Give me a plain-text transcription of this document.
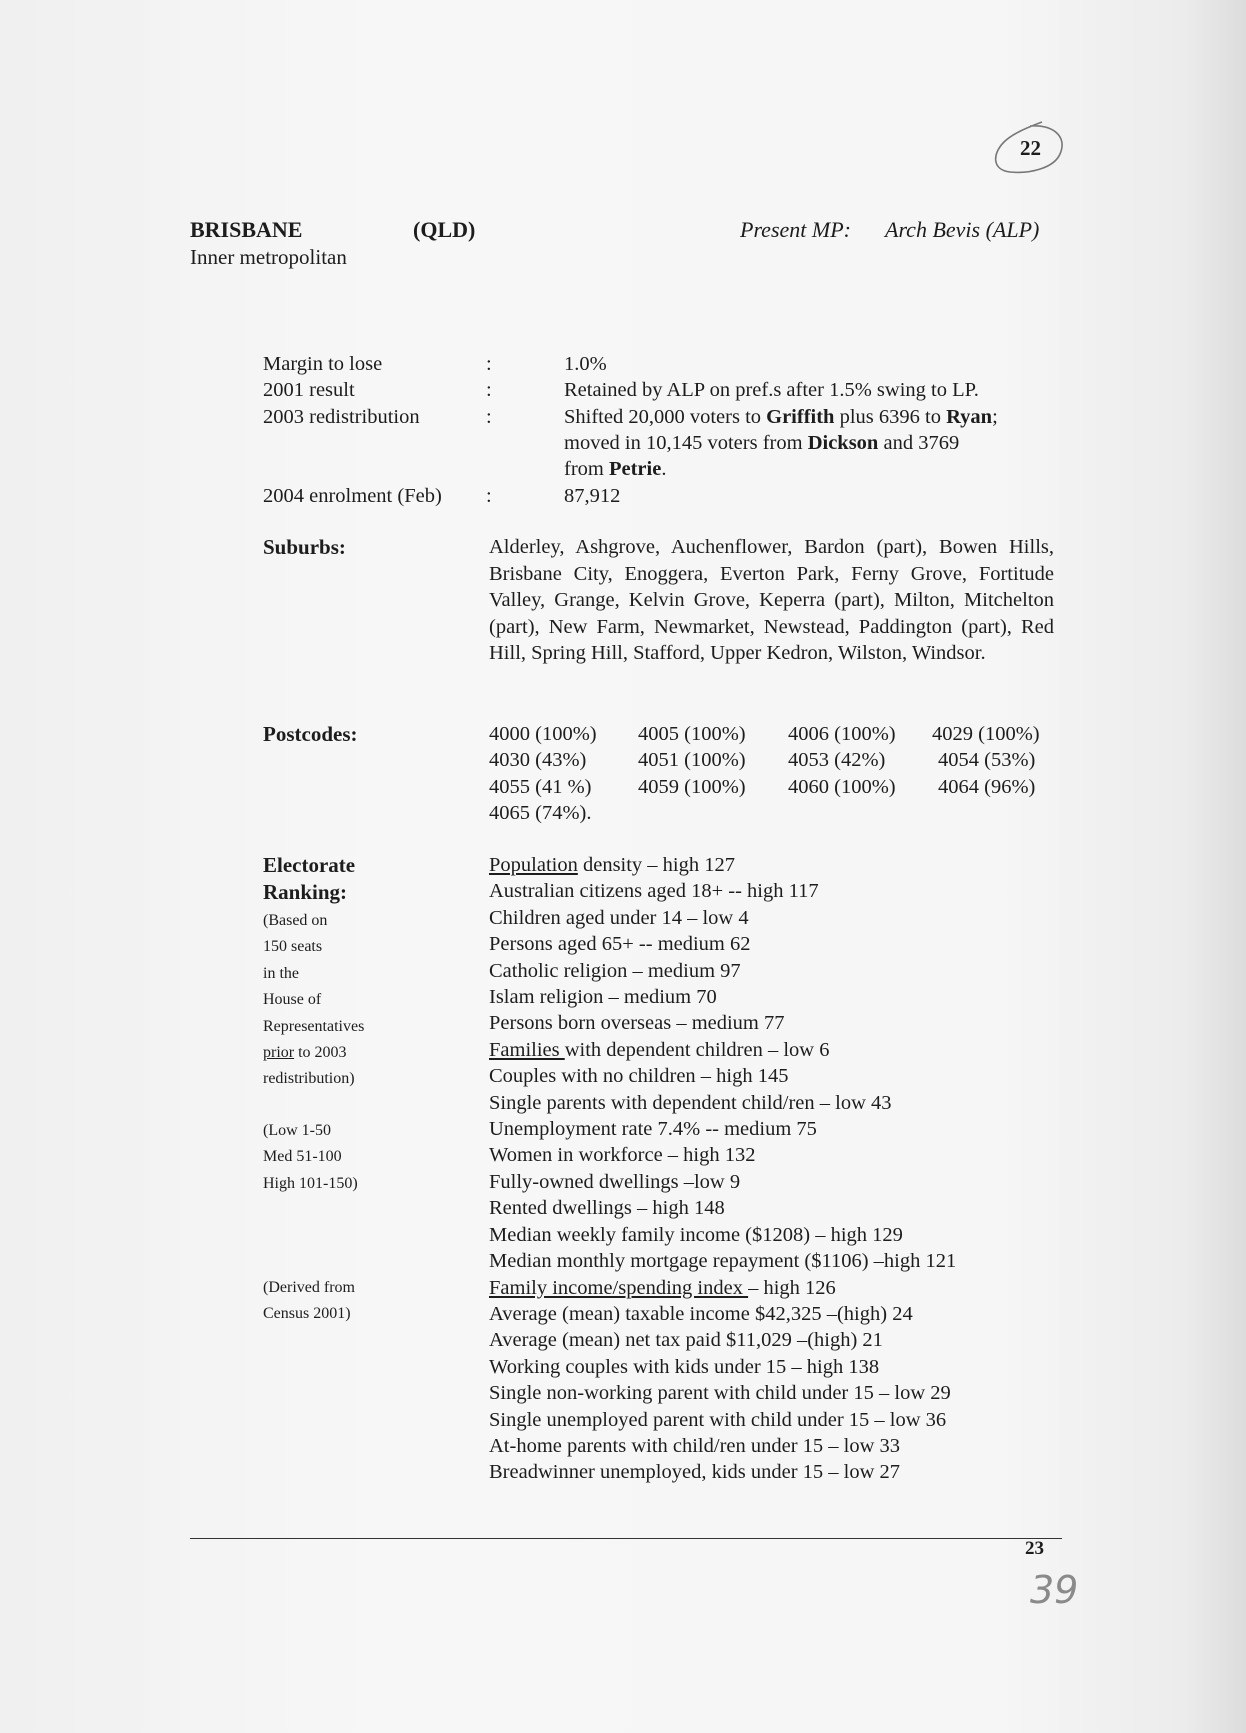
22
BRISBANE	(QLD)
Inner metropolitan
Present MP: Arch Bevis (ALP)
Margin to lose	:	1.0%
2001 result	:	Retained by ALP on pref.s after 1.5% swing to LP.
2003 redistribution	:	Shifted 20,000 voters to Griffith plus 6396 to Ryan;
moved in 10,145 voters from Dickson and 3769
from Petrie.
2004 enrolment (Feb) :	87,912
Suburbs:	Alderley, Ashgrove, Auchenflower, Bardon (part), Bowen Hills, Brisbane City, Enoggera, Everton Park, Ferny Grove, Fortitude Valley, Grange, Kelvin Grove, Keperra (part), Milton, Mitchelton (part), New Farm, Newmarket, Newstead, Paddington (part), Red Hill, Spring Hill, Stafford, Upper Kedron, Wilston, Windsor.
Postcodes:	4000 (100%) 4005 (100%) 4006 (100%) 4029 (100%)
4030 (43%)	4051 (100%) 4053 (42%)	4054 (53%)
4055 (41 %) 4059 (100%) 4060 (100%) 4064 (96%)
4065 (74%).
Electorate
Ranking:
(Based on
150 seats
in the
House of
Representatives
prior to 2003
redistribution)
(Low 1-50
Med 51-100
High 101-150)
(Derived from
Census 2001)
Population density – high 127
Australian citizens aged 18+ -- high 117
Children aged under 14 – low 4
Persons aged 65+ -- medium 62
Catholic religion – medium 97
Islam religion – medium 70
Persons born overseas – medium 77
Families with dependent children – low 6
Couples with no children – high 145
Single parents with dependent child/ren – low 43
Unemployment rate 7.4% -- medium 75
Women in workforce – high 132
Fully-owned dwellings –low 9
Rented dwellings – high 148
Median weekly family income ($1208) – high 129
Median monthly mortgage repayment ($1106) –high 121
Family income/spending index – high 126
Average (mean) taxable income $42,325 –(high) 24
Average (mean) net tax paid $11,029 –(high) 21
Working couples with kids under 15 – high 138
Single non-working parent with child under 15 – low 29
Single unemployed parent with child under 15 – low 36
At-home parents with child/ren under 15 – low 33
Breadwinner unemployed, kids under 15 – low 27
23
39
